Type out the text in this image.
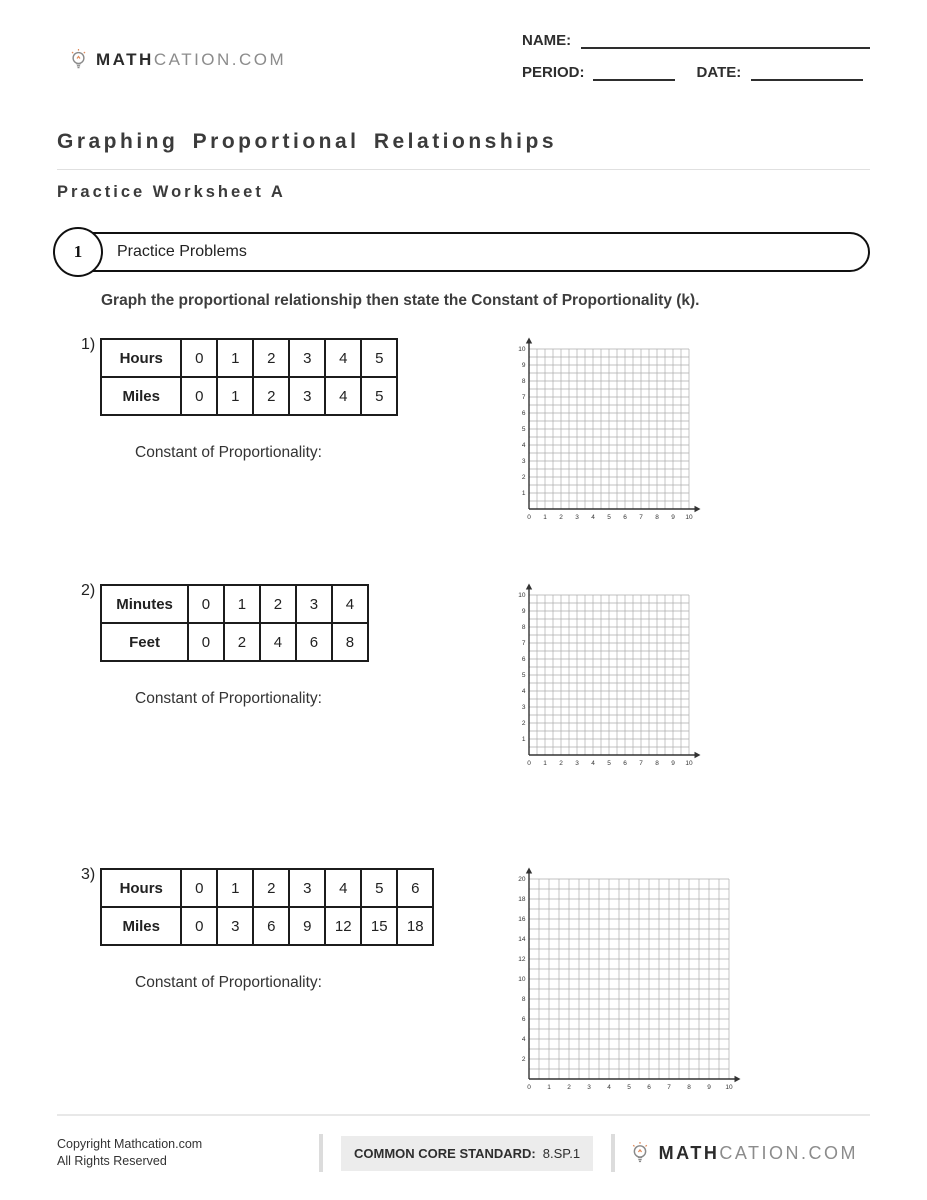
MATHCATION.COM
NAME:
PERIOD:	DATE:
Graphing Proportional Relationships
Practice Worksheet A
1	Practice Problems
Graph the proportional relationship then state the Constant of Proportionality (k).
1)
Hours	0	1	2	3	4	5
Miles	0	1	2	3	4	5
Constant of Proportionality:
0 1 2 3 4 5 6 7 8 9 10
10
9
8
7
6
5
4
3
2
1
2)
Minutes	0	1	2	3	4
Feet	0	2	4	6	8
Constant of Proportionality:
0 1 2 3 4 5 6 7 8 9 10
10
9
8
7
6
5
4
3
2
1
3)
Hours	0	1	2	3	4	5	6
Miles	0	3	6	9	12	15	18
Constant of Proportionality:
0	1	2	3	4	5	6	7	8	9 10
20
18
16
14
12
10
8
6
4
2
Copyright Mathcation.com
All Rights Reserved
COMMON CORE STANDARD: 8.SP.1	MATHCATION.COM
